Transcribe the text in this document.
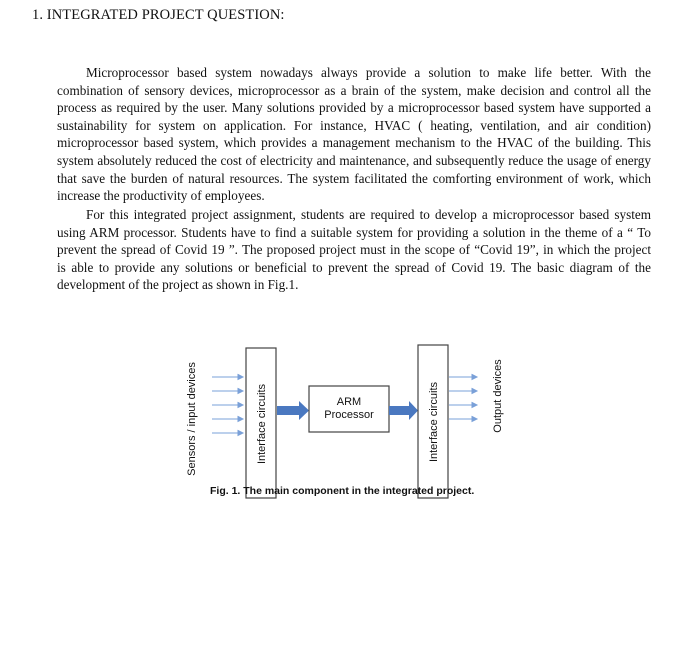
1. INTEGRATED PROJECT QUESTION:

Microprocessor based system nowadays always provide a solution to make life better. With the
combination of sensory devices, microprocessor as a brain of the system, make decision and control all the
process as required by the user. Many solutions provided by a microprocessor based system have supported a
sustainability for system on application. For instance, HVAC ( heating, ventilation, and air condition)
microprocessor based system, which provides a management mechanism to the HVAC of the building. This
system absolutely reduced the cost of electricity and maintenance, and subsequently reduce the usage of energy
that save the burden of natural resources. The system facilitated the comforting environment of work, which
increase the productivity of employees.

For this integrated project assignment, students are required to develop a microprocessor based system
using ARM processor. Students have to find a suitable system for providing a solution in the theme of a “ To
prevent the spread of Covid 19 ”. The proposed project must in the scope of “Covid 19”, in which the project
is able to provide any solutions or beneficial to prevent the spread of Covid 19. The basic diagram of the
development of the project as shown in Fig.1.

Sensors / input devices	Interface circuits	ARM
Processor	Interface circuits	Output devices
Fig. 1. The main component in the integrated project.
